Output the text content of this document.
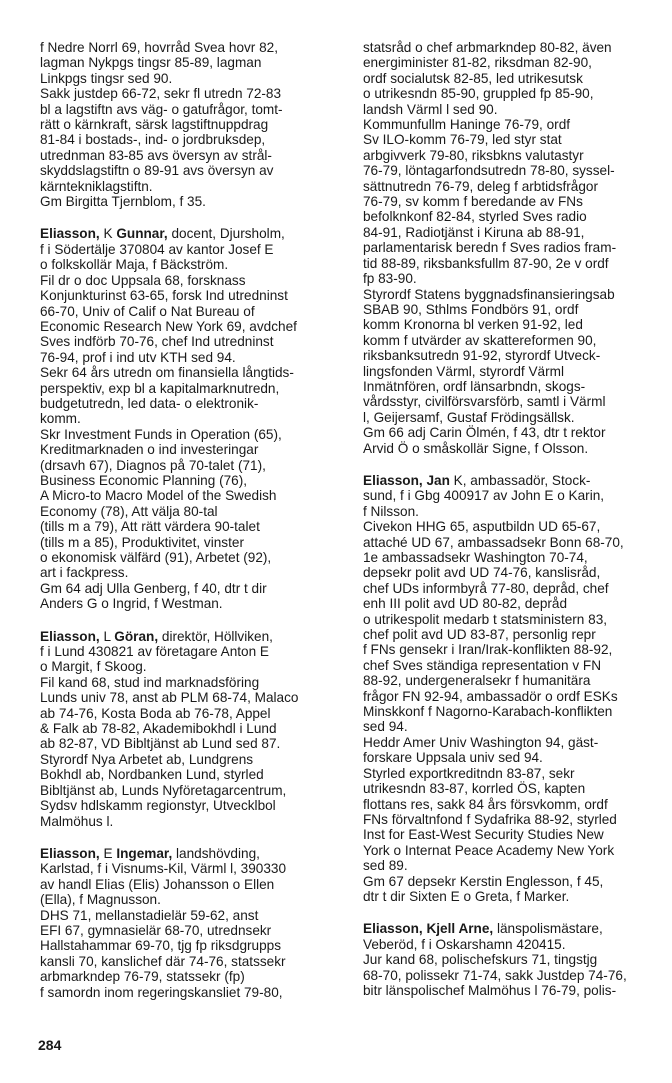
f Nedre Norrl 69, hovrråd Svea hovr 82,
lagman Nykpgs tingsr 85-89, lagman
Linkpgs tingsr sed 90.
Sakk justdep 66-72, sekr fl utredn 72-83
bl a lagstiftn avs väg- o gatufrågor, tomt-
rätt o kärnkraft, särsk lagstiftnuppdrag
81-84 i bostads-, ind- o jordbruksdep,
utrednman 83-85 avs översyn av strål-
skyddslagstiftn o 89-91 avs översyn av
kärntekniklagstiftn.
Gm Birgitta Tjernblom, f 35.
Eliasson, K Gunnar, docent, Djursholm,
f i Södertälje 370804 av kantor Josef E
o folkskollär Maja, f Bäckström.
Fil dr o doc Uppsala 68, forsknass
Konjunkturinst 63-65, forsk Ind utredninst
66-70, Univ of Calif o Nat Bureau of
Economic Research New York 69, avdchef
Sves indförb 70-76, chef Ind utredninst
76-94, prof i ind utv KTH sed 94.
Sekr 64 års utredn om finansiella långtids-
perspektiv, exp bl a kapitalmarknutredn,
budgetutredn, led data- o elektronik-
komm.
Skr Investment Funds in Operation (65),
Kreditmarknaden o ind investeringar
(drsavh 67), Diagnos på 70-talet (71),
Business Economic Planning (76),
A Micro-to Macro Model of the Swedish
Economy (78), Att välja 80-tal
(tills m a 79), Att rätt värdera 90-talet
(tills m a 85), Produktivitet, vinster
o ekonomisk välfärd (91), Arbetet (92),
art i fackpress.
Gm 64 adj Ulla Genberg, f 40, dtr t dir
Anders G o Ingrid, f Westman.
Eliasson, L Göran, direktör, Höllviken,
f i Lund 430821 av företagare Anton E
o Margit, f Skoog.
Fil kand 68, stud ind marknadsföring
Lunds univ 78, anst ab PLM 68-74, Malaco
ab 74-76, Kosta Boda ab 76-78, Appel
& Falk ab 78-82, Akademibokhdl i Lund
ab 82-87, VD Bibltjänst ab Lund sed 87.
Styrordf Nya Arbetet ab, Lundgrens
Bokhdl ab, Nordbanken Lund, styrled
Bibltjänst ab, Lunds Nyföretagarcentrum,
Sydsv hdlskamm regionstyr, Utvecklbol
Malmöhus l.
Eliasson, E Ingemar, landshövding,
Karlstad, f i Visnums-Kil, Värml l, 390330
av handl Elias (Elis) Johansson o Ellen
(Ella), f Magnusson.
DHS 71, mellanstadielär 59-62, anst
EFI 67, gymnasielär 68-70, utrednsekr
Hallstahammar 69-70, tjg fp riksdgrupps
kansli 70, kanslichef där 74-76, statssekr
arbmarkndep 76-79, statssekr (fp)
f samordn inom regeringskansliet 79-80,
statsråd o chef arbmarkndep 80-82, även
energiminister 81-82, riksdman 82-90,
ordf socialutsk 82-85, led utrikesutsk
o utrikesndn 85-90, gruppled fp 85-90,
landsh Värml l sed 90.
Kommunfullm Haninge 76-79, ordf
Sv ILO-komm 76-79, led styr stat
arbgivverk 79-80, riksbkns valutastyr
76-79, löntagarfondsutredn 78-80, syssel-
sättnutredn 76-79, deleg f arbtidsfrågor
76-79, sv komm f beredande av FNs
befolknkonf 82-84, styrled Sves radio
84-91, Radiotjänst i Kiruna ab 88-91,
parlamentarisk beredn f Sves radios fram-
tid 88-89, riksbanksfullm 87-90, 2e v ordf
fp 83-90.
Styrordf Statens byggnadsfinansieringsab
SBAB 90, Sthlms Fondbörs 91, ordf
komm Kronorna bl verken 91-92, led
komm f utvärder av skattereformen 90,
riksbanksutredn 91-92, styrordf Utveck-
lingsfonden Värml, styrordf Värml
Inmätnfören, ordf länsarbndn, skogs-
vårdsstyr, civilförsvarsförb, samtl i Värml
l, Geijersamf, Gustaf Frödingsällsk.
Gm 66 adj Carin Ölmén, f 43, dtr t rektor
Arvid Ö o småskollär Signe, f Olsson.
Eliasson, Jan K, ambassadör, Stock-
sund, f i Gbg 400917 av John E o Karin,
f Nilsson.
Civekon HHG 65, asputbildn UD 65-67,
attaché UD 67, ambassadsekr Bonn 68-70,
1e ambassadsekr Washington 70-74,
depsekr polit avd UD 74-76, kanslisråd,
chef UDs informbyrå 77-80, depråd, chef
enh III polit avd UD 80-82, depråd
o utrikespolit medarb t statsministern 83,
chef polit avd UD 83-87, personlig repr
f FNs gensekr i Iran/Irak-konflikten 88-92,
chef Sves ständiga representation v FN
88-92, undergeneralsekr f humanitära
frågor FN 92-94, ambassadör o ordf ESKs
Minskkonf f Nagorno-Karabach-konflikten
sed 94.
Heddr Amer Univ Washington 94, gäst-
forskare Uppsala univ sed 94.
Styrled exportkreditndn 83-87, sekr
utrikesndn 83-87, korrled ÖS, kapten
flottans res, sakk 84 års försvkomm, ordf
FNs förvaltnfond f Sydafrika 88-92, styrled
Inst for East-West Security Studies New
York o Internat Peace Academy New York
sed 89.
Gm 67 depsekr Kerstin Englesson, f 45,
dtr t dir Sixten E o Greta, f Marker.
Eliasson, Kjell Arne, länspolismästare,
Veberöd, f i Oskarshamn 420415.
Jur kand 68, polischefskurs 71, tingstjg
68-70, polissekr 71-74, sakk Justdep 74-76,
bitr länspolischef Malmöhus l 76-79, polis-
284
